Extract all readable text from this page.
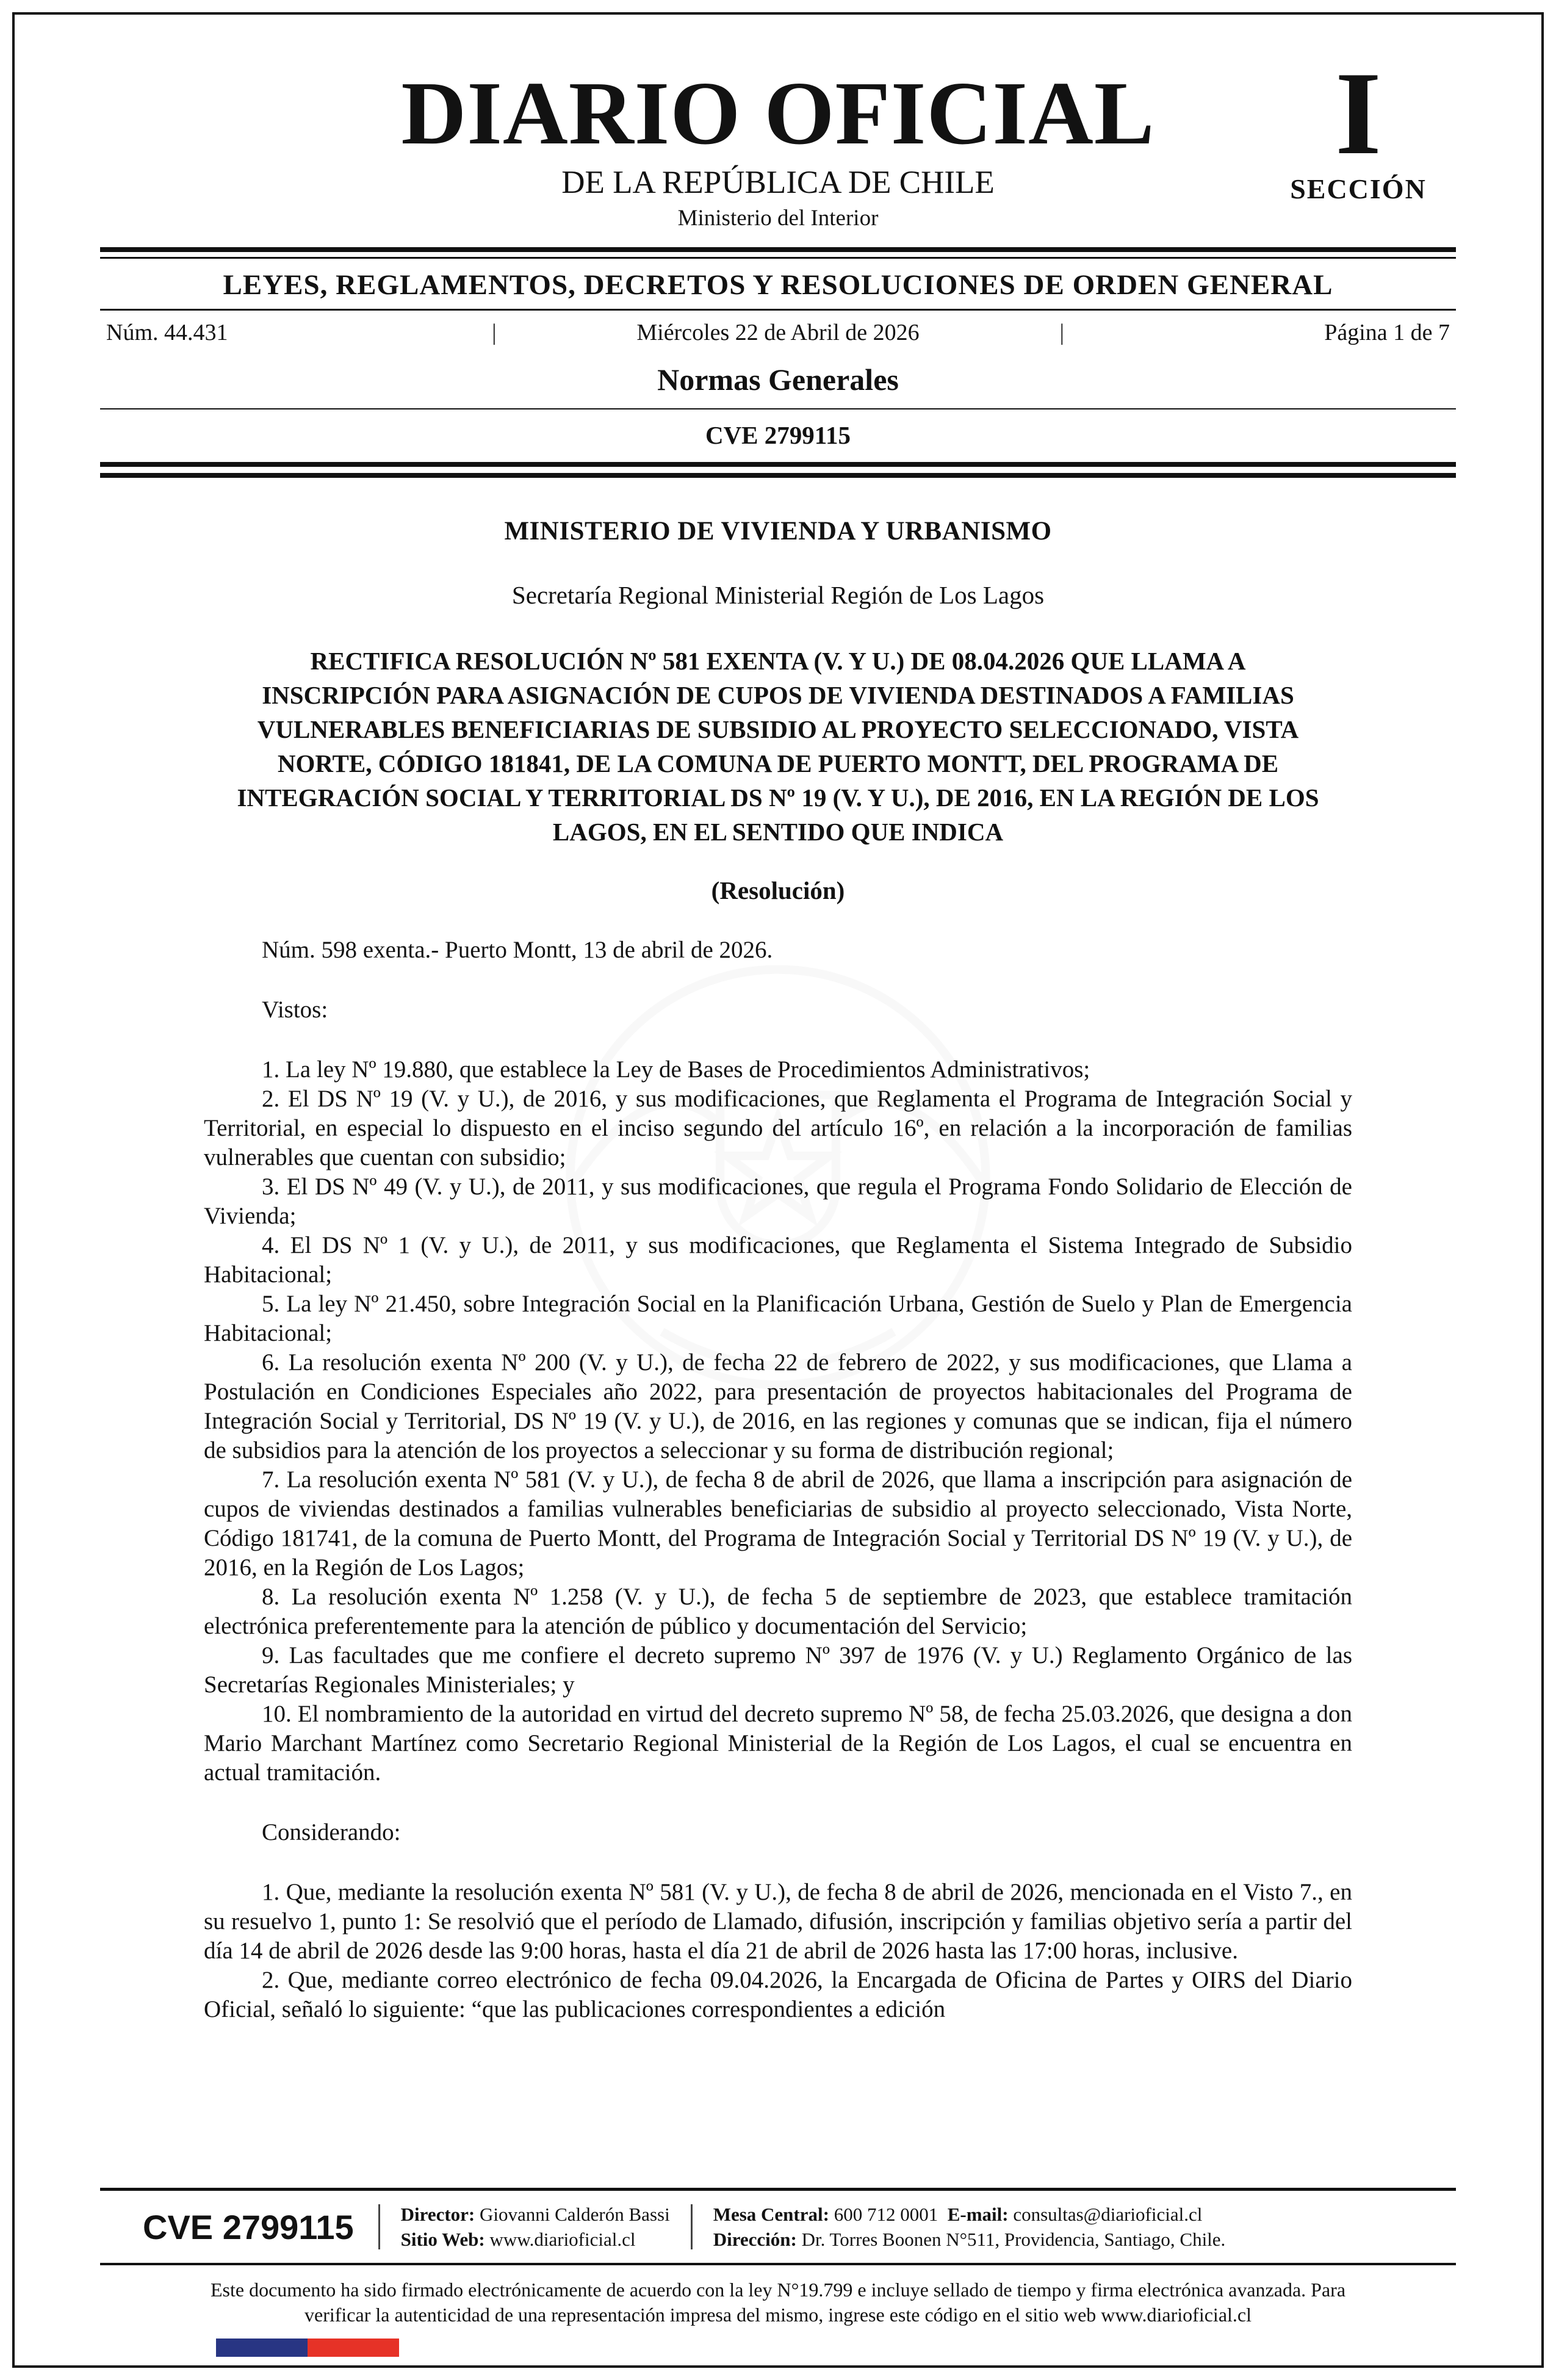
DIARIO OFICIAL
DE LA REPÚBLICA DE CHILE
Ministerio del Interior
I
SECCIÓN
LEYES, REGLAMENTOS, DECRETOS Y RESOLUCIONES DE ORDEN GENERAL
Núm. 44.431	|	Miércoles 22 de Abril de 2026	|	Página 1 de 7
Normas Generales
CVE 2799115

MINISTERIO DE VIVIENDA Y URBANISMO

Secretaría Regional Ministerial Región de Los Lagos

RECTIFICA RESOLUCIÓN Nº 581 EXENTA (V. Y U.) DE 08.04.2026 QUE LLAMA A INSCRIPCIÓN PARA ASIGNACIÓN DE CUPOS DE VIVIENDA DESTINADOS A FAMILIAS VULNERABLES BENEFICIARIAS DE SUBSIDIO AL PROYECTO SELECCIONADO, VISTA NORTE, CÓDIGO 181841, DE LA COMUNA DE PUERTO MONTT, DEL PROGRAMA DE INTEGRACIÓN SOCIAL Y TERRITORIAL DS Nº 19 (V. Y U.), DE 2016, EN LA REGIÓN DE LOS LAGOS, EN EL SENTIDO QUE INDICA

(Resolución)

Núm. 598 exenta.- Puerto Montt, 13 de abril de 2026.

Vistos:

1. La ley Nº 19.880, que establece la Ley de Bases de Procedimientos Administrativos;

2. El DS Nº 19 (V. y U.), de 2016, y sus modificaciones, que Reglamenta el Programa de Integración Social y Territorial, en especial lo dispuesto en el inciso segundo del artículo 16º, en relación a la incorporación de familias vulnerables que cuentan con subsidio;

3. El DS Nº 49 (V. y U.), de 2011, y sus modificaciones, que regula el Programa Fondo Solidario de Elección de Vivienda;

4. El DS Nº 1 (V. y U.), de 2011, y sus modificaciones, que Reglamenta el Sistema Integrado de Subsidio Habitacional;

5. La ley Nº 21.450, sobre Integración Social en la Planificación Urbana, Gestión de Suelo y Plan de Emergencia Habitacional;

6. La resolución exenta Nº 200 (V. y U.), de fecha 22 de febrero de 2022, y sus modificaciones, que Llama a Postulación en Condiciones Especiales año 2022, para presentación de proyectos habitacionales del Programa de Integración Social y Territorial, DS Nº 19 (V. y U.), de 2016, en las regiones y comunas que se indican, fija el número de subsidios para la atención de los proyectos a seleccionar y su forma de distribución regional;

7. La resolución exenta Nº 581 (V. y U.), de fecha 8 de abril de 2026, que llama a inscripción para asignación de cupos de viviendas destinados a familias vulnerables beneficiarias de subsidio al proyecto seleccionado, Vista Norte, Código 181741, de la comuna de Puerto Montt, del Programa de Integración Social y Territorial DS Nº 19 (V. y U.), de 2016, en la Región de Los Lagos;

8. La resolución exenta Nº 1.258 (V. y U.), de fecha 5 de septiembre de 2023, que establece tramitación electrónica preferentemente para la atención de público y documentación del Servicio;

9. Las facultades que me confiere el decreto supremo Nº 397 de 1976 (V. y U.) Reglamento Orgánico de las Secretarías Regionales Ministeriales; y

10. El nombramiento de la autoridad en virtud del decreto supremo Nº 58, de fecha 25.03.2026, que designa a don Mario Marchant Martínez como Secretario Regional Ministerial de la Región de Los Lagos, el cual se encuentra en actual tramitación.

Considerando:

1. Que, mediante la resolución exenta Nº 581 (V. y U.), de fecha 8 de abril de 2026, mencionada en el Visto 7., en su resuelvo 1, punto 1: Se resolvió que el período de Llamado, difusión, inscripción y familias objetivo sería a partir del día 14 de abril de 2026 desde las 9:00 horas, hasta el día 21 de abril de 2026 hasta las 17:00 horas, inclusive.

2. Que, mediante correo electrónico de fecha 09.04.2026, la Encargada de Oficina de Partes y OIRS del Diario Oficial, señaló lo siguiente: “que las publicaciones correspondientes a edición

CVE 2799115	Director: Giovanni Calderón Bassi
Sitio Web: www.diarioficial.cl
Mesa Central: 600 712 0001 E-mail: consultas@diarioficial.cl
Dirección: Dr. Torres Boonen N°511, Providencia, Santiago, Chile.
Este documento ha sido firmado electrónicamente de acuerdo con la ley N°19.799 e incluye sellado de tiempo y firma electrónica avanzada. Para verificar la autenticidad de una representación impresa del mismo, ingrese este código en el sitio web www.diarioficial.cl
